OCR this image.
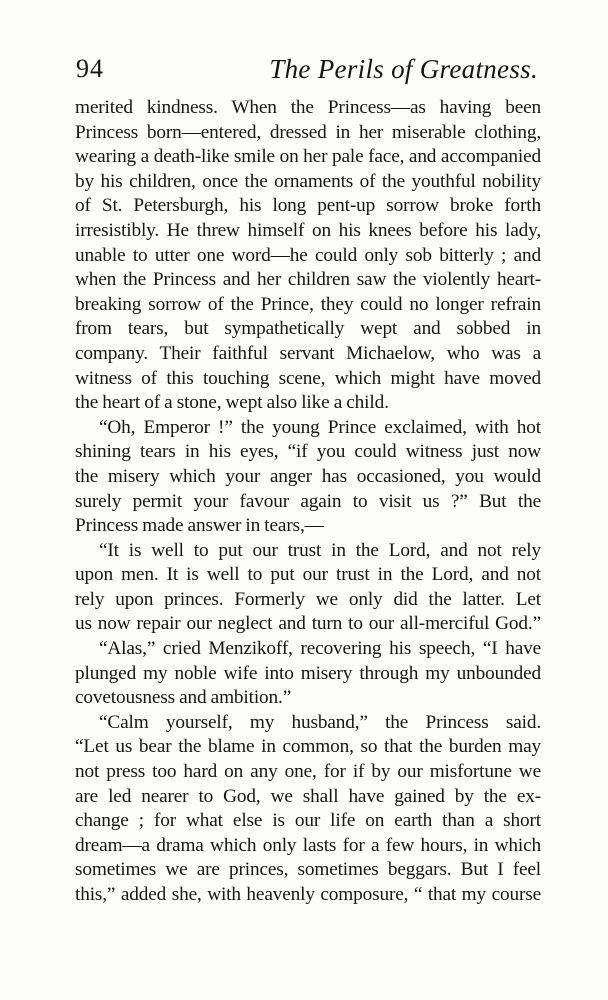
94	The Perils of Greatness.
merited kindness. When the Princess—as having been
Princess born—entered, dressed in her miserable clothing,
wearing a death-like smile on her pale face, and accompanied
by his children, once the ornaments of the youthful nobility
of St. Petersburgh, his long pent-up sorrow broke forth
irresistibly. He threw himself on his knees before his lady,
unable to utter one word—he could only sob bitterly ; and
when the Princess and her children saw the violently heart-
breaking sorrow of the Prince, they could no longer refrain
from tears, but sympathetically wept and sobbed in
company. Their faithful servant Michaelow, who was a
witness of this touching scene, which might have moved
the heart of a stone, wept also like a child.
“Oh, Emperor !” the young Prince exclaimed, with hot
shining tears in his eyes, “if you could witness just now
the misery which your anger has occasioned, you would
surely permit your favour again to visit us ?” But the
Princess made answer in tears,—
“It is well to put our trust in the Lord, and not rely
upon men. It is well to put our trust in the Lord, and not
rely upon princes. Formerly we only did the latter. Let
us now repair our neglect and turn to our all-merciful God.”
“Alas,” cried Menzikoff, recovering his speech, “I have
plunged my noble wife into misery through my unbounded
covetousness and ambition.”
“Calm yourself, my husband,” the Princess said.
“Let us bear the blame in common, so that the burden may
not press too hard on any one, for if by our misfortune we
are led nearer to God, we shall have gained by the ex-
change ; for what else is our life on earth than a short
dream—a drama which only lasts for a few hours, in which
sometimes we are princes, sometimes beggars. But I feel
this,” added she, with heavenly composure, “ that my course
